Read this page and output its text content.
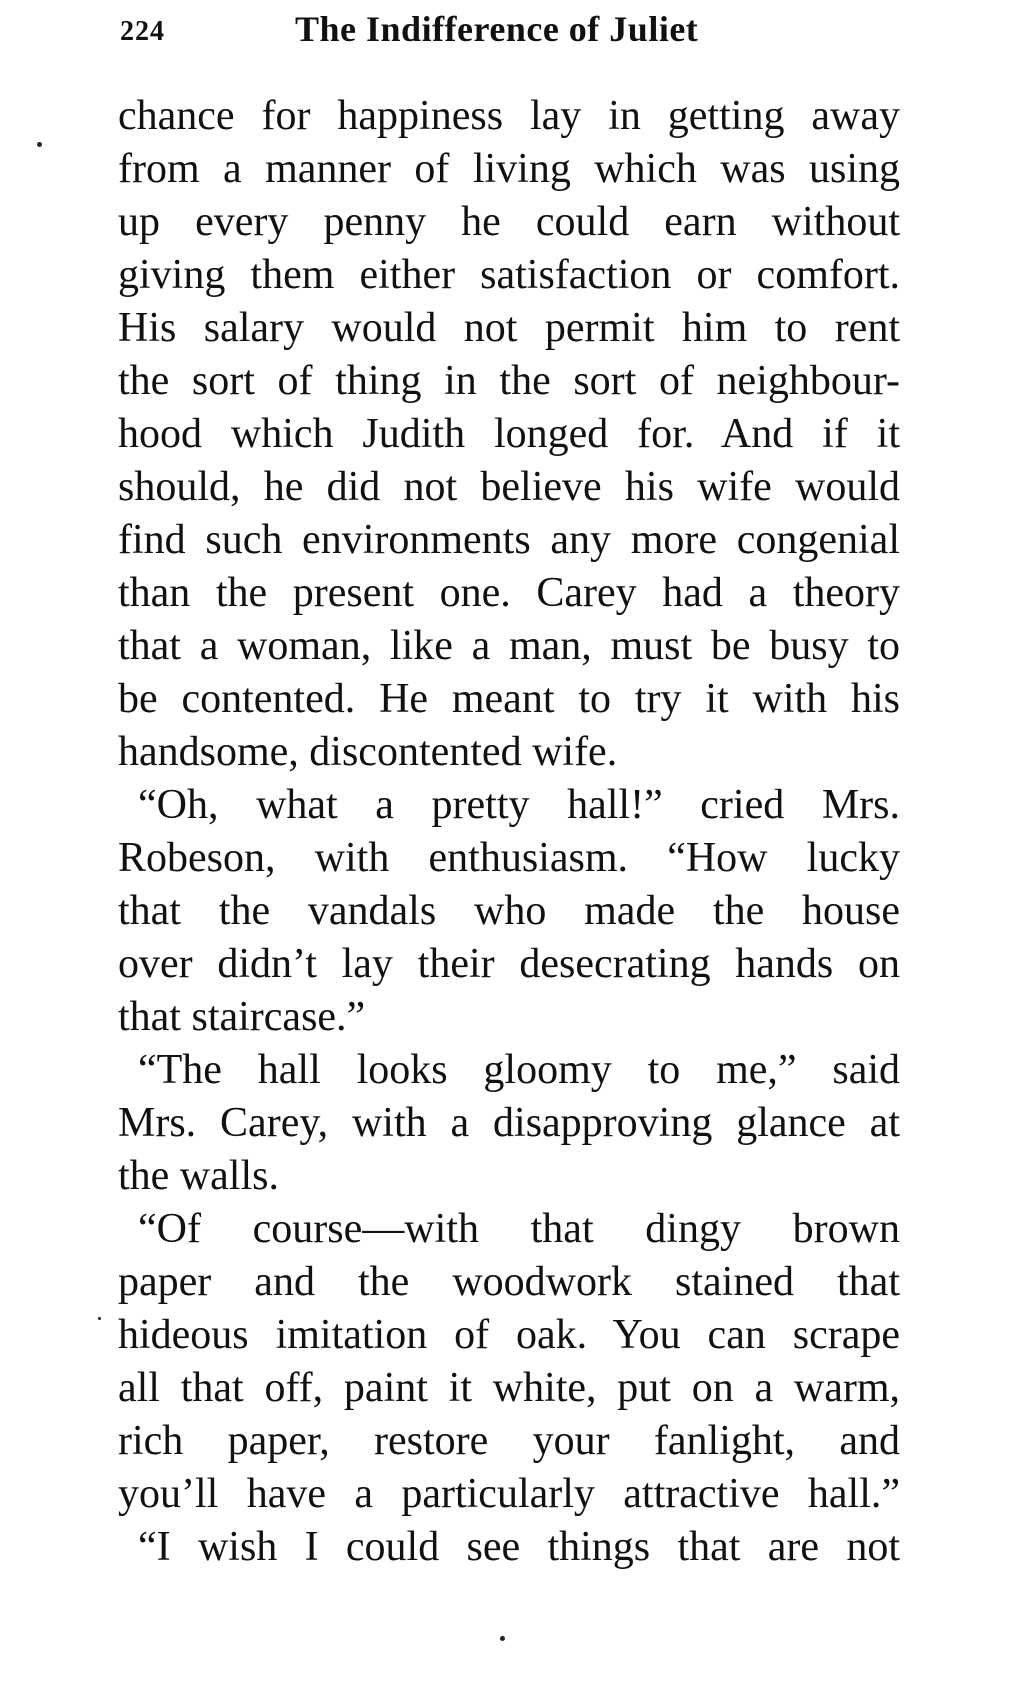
224	The Indifference of Juliet
chance for happiness lay in getting away
from a manner of living which was using
up every penny he could earn without
giving them either satisfaction or comfort.
His salary would not permit him to rent
the sort of thing in the sort of neighbour-
hood which Judith longed for. And if it
should, he did not believe his wife would
find such environments any more congenial
than the present one. Carey had a theory
that a woman, like a man, must be busy to
be contented. He meant to try it with his
handsome, discontented wife.
“Oh, what a pretty hall!” cried Mrs.
Robeson, with enthusiasm. “How lucky
that the vandals who made the house
over didn’t lay their desecrating hands on
that staircase.”
“The hall looks gloomy to me,” said
Mrs. Carey, with a disapproving glance at
the walls.
“Of course—with that dingy brown
paper and the woodwork stained that
hideous imitation of oak. You can scrape
all that off, paint it white, put on a warm,
rich paper, restore your fanlight, and
you’ll have a particularly attractive hall.”
“I wish I could see things that are not
